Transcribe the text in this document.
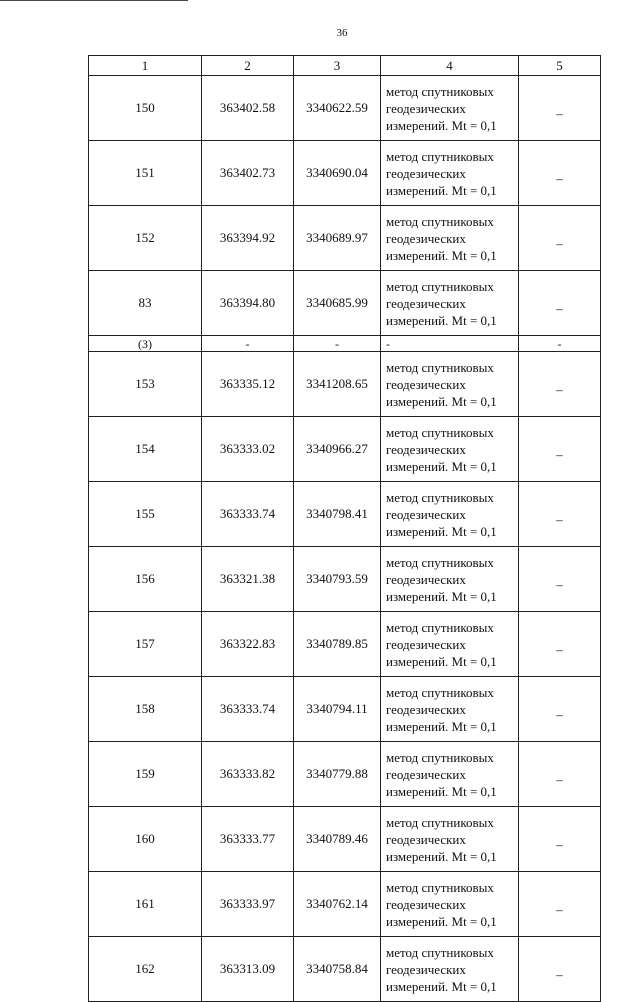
36
1	2	3	4	5
150	363402.58	3340622.59	метод спутниковых
геодезических
измерений. Mt = 0,1	–
151	363402.73	3340690.04	метод спутниковых
геодезических
измерений. Mt = 0,1	–
152	363394.92	3340689.97	метод спутниковых
геодезических
измерений. Mt = 0,1	–
83	363394.80	3340685.99	метод спутниковых
геодезических
измерений. Mt = 0,1	–
(3)	-	-	-	-
153	363335.12	3341208.65	метод спутниковых
геодезических
измерений. Mt = 0,1	–
154	363333.02	3340966.27	метод спутниковых
геодезических
измерений. Mt = 0,1	–
155	363333.74	3340798.41	метод спутниковых
геодезических
измерений. Mt = 0,1	–
156	363321.38	3340793.59	метод спутниковых
геодезических
измерений. Mt = 0,1	–
157	363322.83	3340789.85	метод спутниковых
геодезических
измерений. Mt = 0,1	–
158	363333.74	3340794.11	метод спутниковых
геодезических
измерений. Mt = 0,1	–
159	363333.82	3340779.88	метод спутниковых
геодезических
измерений. Mt = 0,1	–
160	363333.77	3340789.46	метод спутниковых
геодезических
измерений. Mt = 0,1	–
161	363333.97	3340762.14	метод спутниковых
геодезических
измерений. Mt = 0,1	–
162	363313.09	3340758.84	метод спутниковых
геодезических
измерений. Mt = 0,1	–
